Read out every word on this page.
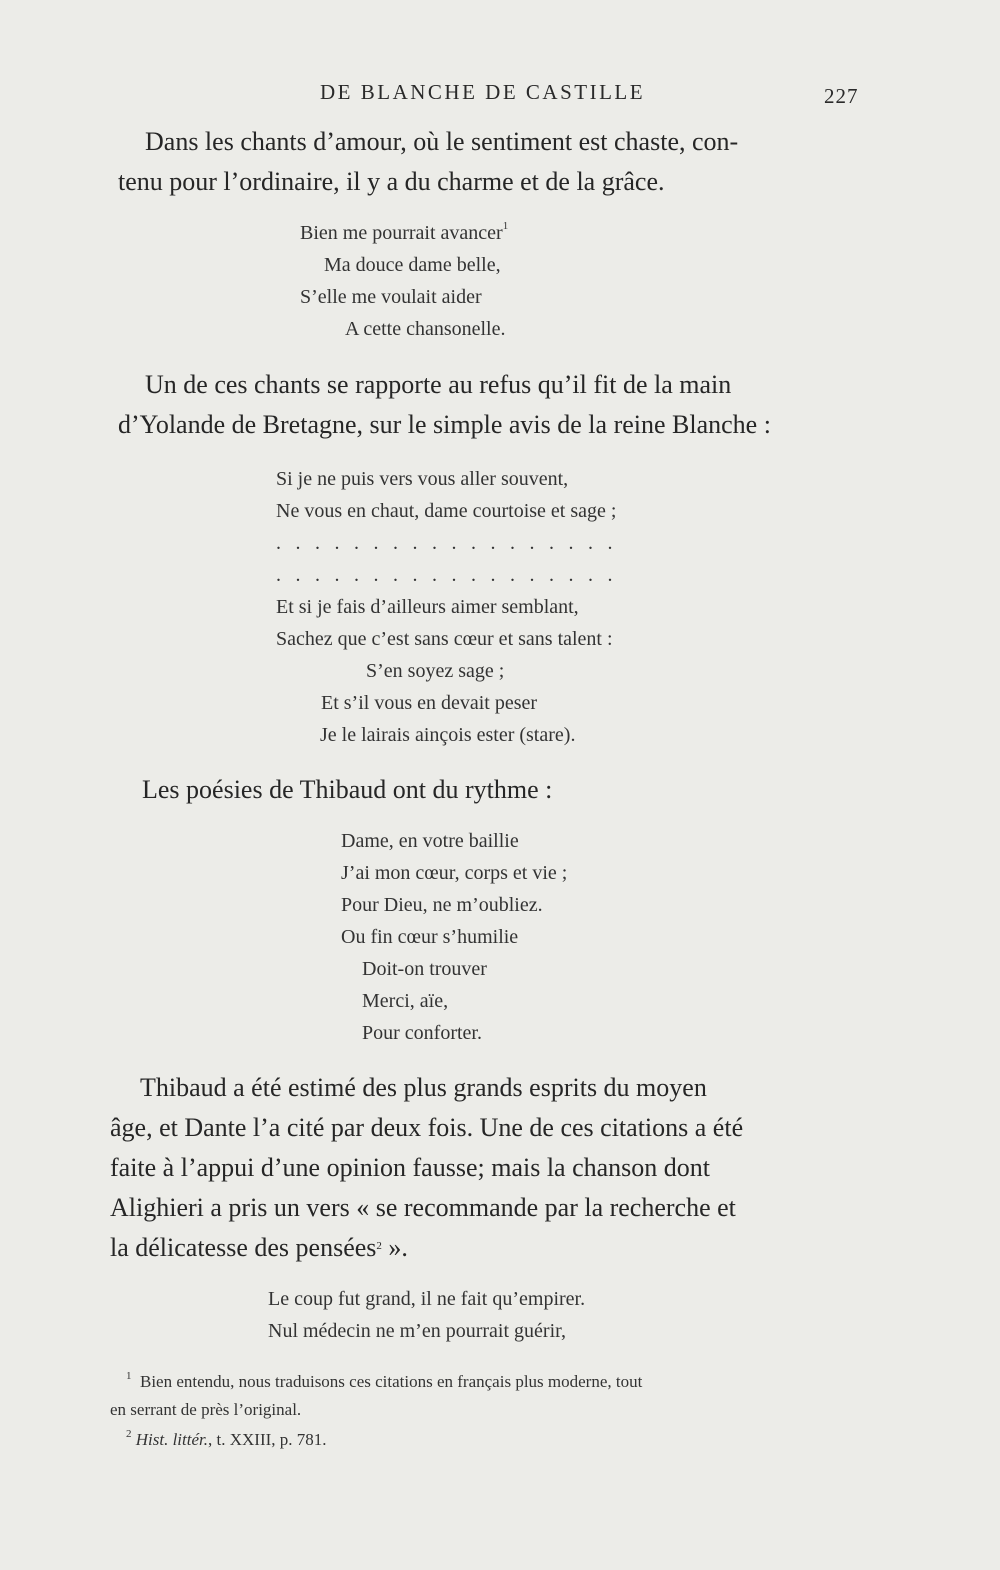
DE BLANCHE DE CASTILLE	227
Dans les chants d’amour, où le sentiment est chaste, con-
tenu pour l’ordinaire, il y a du charme et de la grâce.
Bien me pourrait avancer$^1$
Ma douce dame belle,
S’elle me voulait aider
A cette chansonelle.
Un de ces chants se rapporte au refus qu’il fit de la main
d’Yolande de Bretagne, sur le simple avis de la reine Blanche :
Si je ne puis vers vous aller souvent,
Ne vous en chaut, dame courtoise et sage ;
..................
..................
Et si je fais d’ailleurs aimer semblant,
Sachez que c’est sans cœur et sans talent :
S’en soyez sage ;
Et s’il vous en devait peser
Je le lairais ainçois ester (stare).
Les poésies de Thibaud ont du rythme :
Dame, en votre baillie
J’ai mon cœur, corps et vie ;
Pour Dieu, ne m’oubliez.
Ou fin cœur s’humilie
Doit-on trouver
Merci, aïe,
Pour conforter.
Thibaud a été estimé des plus grands esprits du moyen
âge, et Dante l’a cité par deux fois. Une de ces citations a été
faite à l’appui d’une opinion fausse; mais la chanson dont
Alighieri a pris un vers « se recommande par la recherche et
la délicatesse des pensées$^2$ ».
Le coup fut grand, il ne fait qu’empirer.
Nul médecin ne m’en pourrait guérir,
$^1$ Bien entendu, nous traduisons ces citations en français plus moderne, tout
en serrant de près l’original.
$^2$ Hist. littér., t. XXIII, p. 781.
